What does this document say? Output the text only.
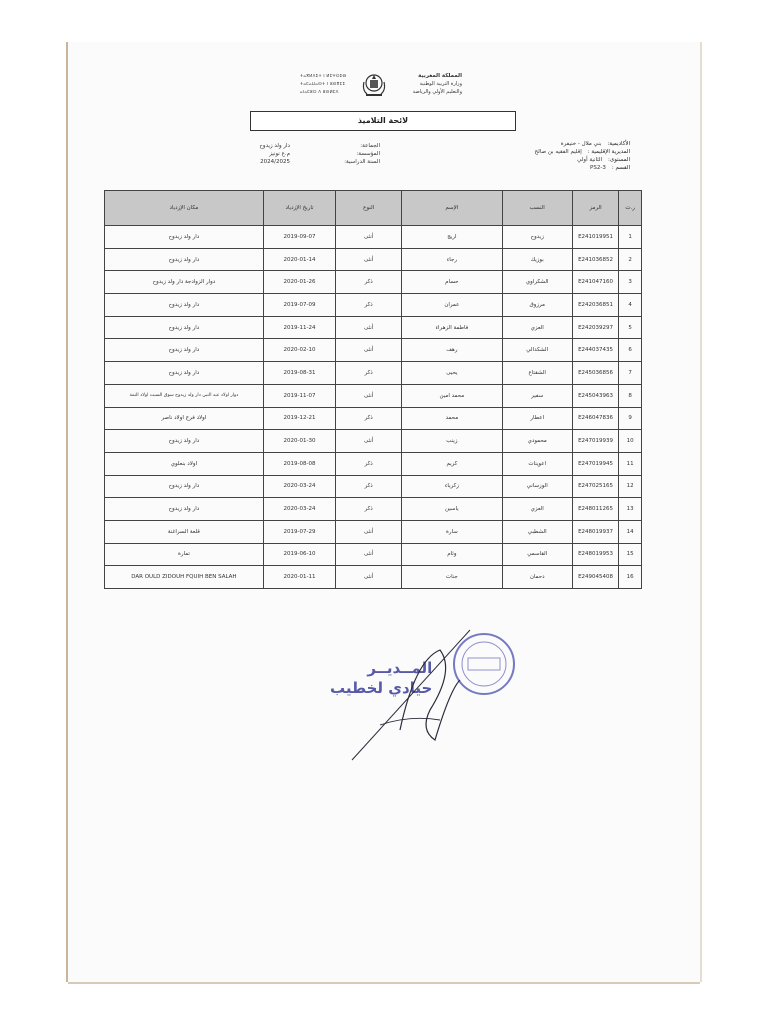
المملكة المغربية
وزارة التربية الوطنية
والتعليم الأولي والرياضة
ⵜⴰⴳⵍⴷⵉⵜ ⵏ ⵍⵎⵖⵔⵉⴱ
ⵜⴰⵎⴰⵡⴰⵙⵜ ⵏ ⵓⵙⴳⵎⵉ
ⴰⵏⴰⵎⵓⵔ ⴷ ⵓⵙⵍⵎⴷ
لائحة التلاميذ
الأكاديمية:
بني ملال - خنيفرة
المديرية الإقليمية :
إقليم الفقيه بن صالح
المستوى:
الثانية أولي
القسم :
PS2-3
الجماعة:
المؤسسة:
السنة الدراسية:
دار ولد زيدوح
م.ع نونيز
2024/2025
مكان الإزدياد	تاريخ الإزدياد	النوع	الإسم	النسب	الرمز	ر.ت
دار ولد زيدوح	2019-09-07	أنثى	اريج	زيدوح	E241019951	1
دار ولد زيدوح	2020-01-14	أنثى	رجاء	بوزيك	E241036852	2
دوار الزوادجة دار ولد زيدوح	2020-01-26	ذكر	حسام	الشكراوي	E241047160	3
دار ولد زيدوح	2019-07-09	ذكر	عمران	مرزوق	E242036851	4
دار ولد زيدوح	2019-11-24	أنثى	فاطمة الزهراء	العزي	E242039297	5
دار ولد زيدوح	2020-02-10	أنثى	رهف	الشكدالي	E244037435	6
دار ولد زيدوح	2019-08-31	ذكر	يحيى	الشقتاع	E245036856	7
دوار اولاد عبد النبي دار ولد زيدوح سوق السبت اولاد النمة	2019-11-07	أنثى	محمد امين	سفير	E245043963	8
اولاد فرج اولاد ناصر	2019-12-21	ذكر	محمد	اعطار	E246047836	9
دار ولد زيدوح	2020-01-30	أنثى	زينب	محمودي	E247019939	10
اولاد بنعلوي	2019-08-08	ذكر	كريم	اعوينات	E247019945	11
دار ولد زيدوح	2020-03-24	ذكر	زكرياء	الوزساني	E247025165	12
دار ولد زيدوح	2020-03-24	ذكر	ياسين	العزي	E248011265	13
قلعة السراغنة	2019-07-29	أنثى	سارة	الشطبي	E248019937	14
تمارة	2019-06-10	أنثى	وئام	القاسمي	E248019953	15
DAR OULD ZIDOUH FQUIH BEN SALAH	2020-01-11	أنثى	جنات	دحمان	E249045408	16
المــديــر
حيادي لخطيب
